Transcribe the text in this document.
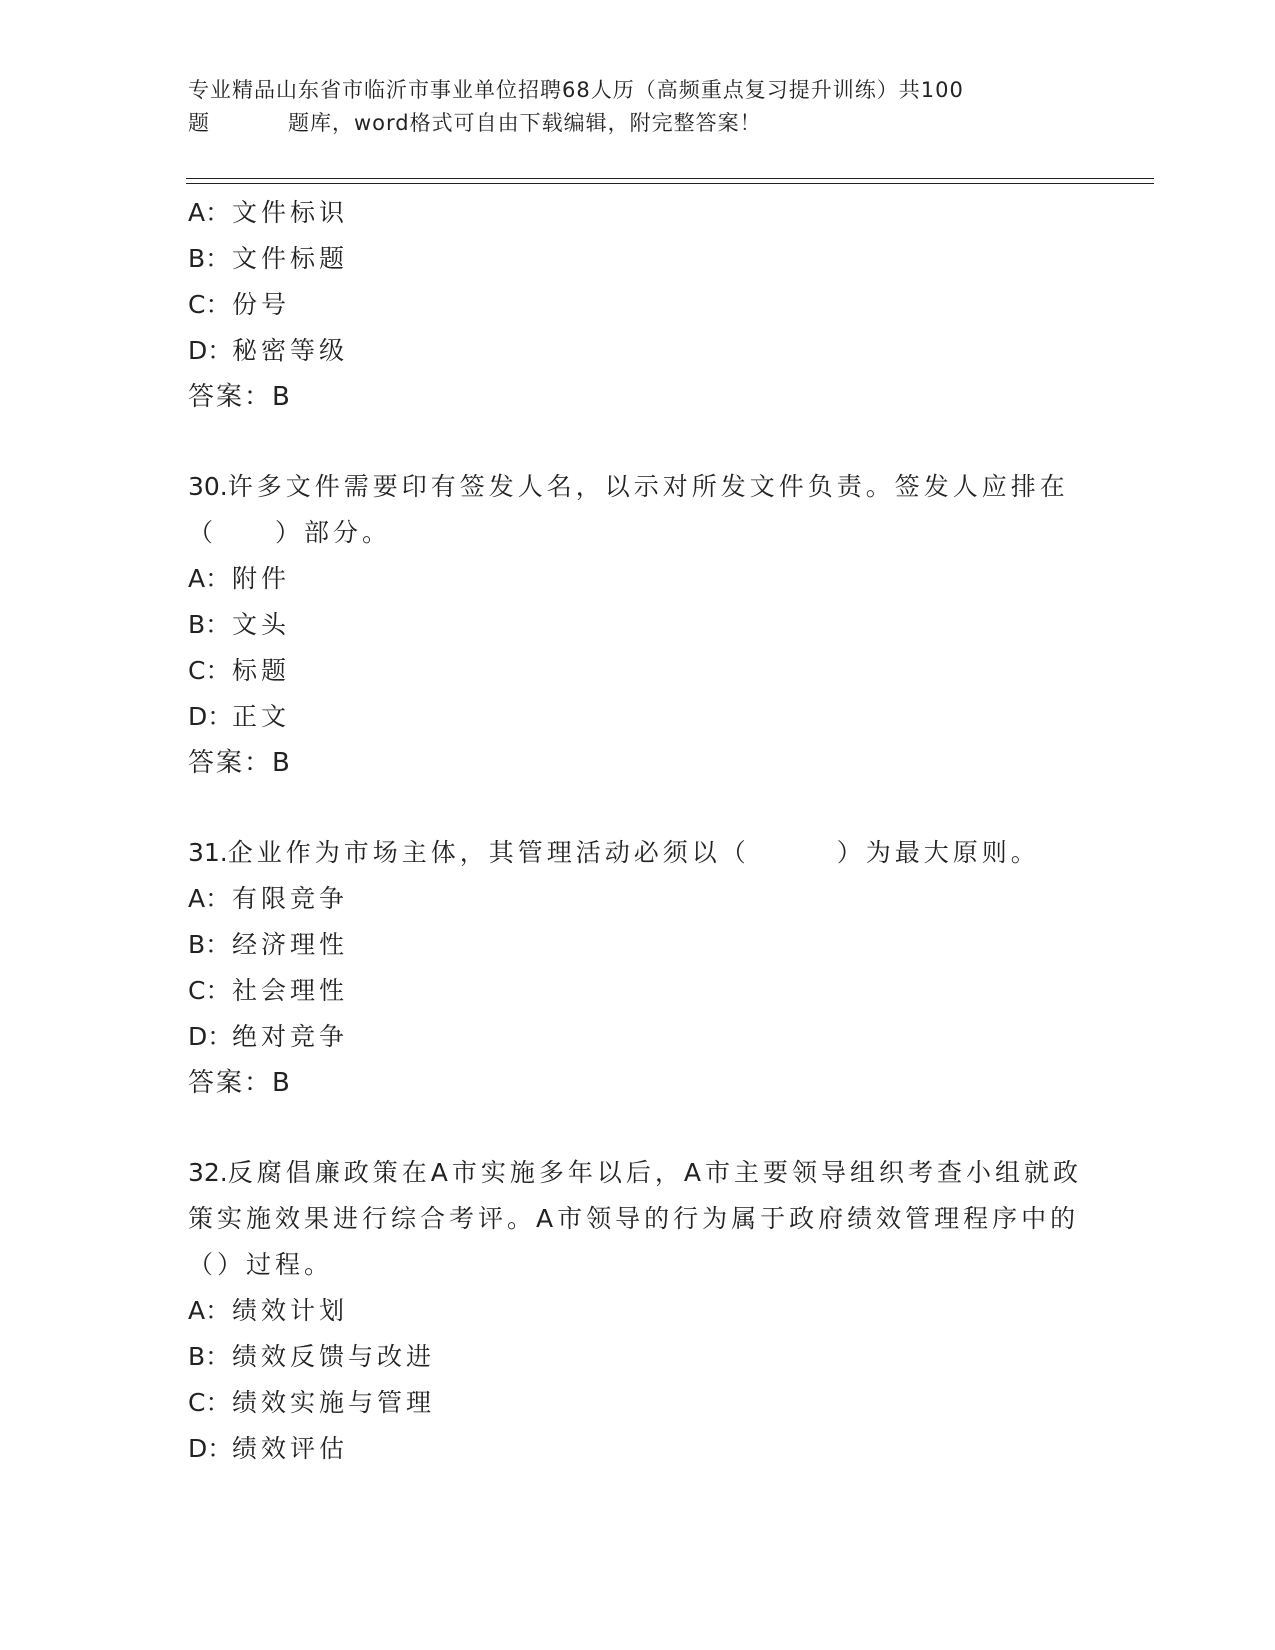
专业精品山东省市临沂市事业单位招聘68人历（高频重点复习提升训练）共100
题	题库，word格式可自由下载编辑，附完整答案！
A：文件标识
B：文件标题
C：份号
D：秘密等级
答案：B
30.许多文件需要印有签发人名，以示对所发文件负责。签发人应排在（　　）部分。
A：附件
B：文头
C：标题
D：正文
答案：B
31.企业作为市场主体，其管理活动必须以（　　　）为最大原则。
A：有限竞争
B：经济理性
C：社会理性
D：绝对竞争
答案：B
32.反腐倡廉政策在A市实施多年以后，A市主要领导组织考查小组就政策实施效果进行综合考评。A市领导的行为属于政府绩效管理程序中的（）过程。
A：绩效计划
B：绩效反馈与改进
C：绩效实施与管理
D：绩效评估
